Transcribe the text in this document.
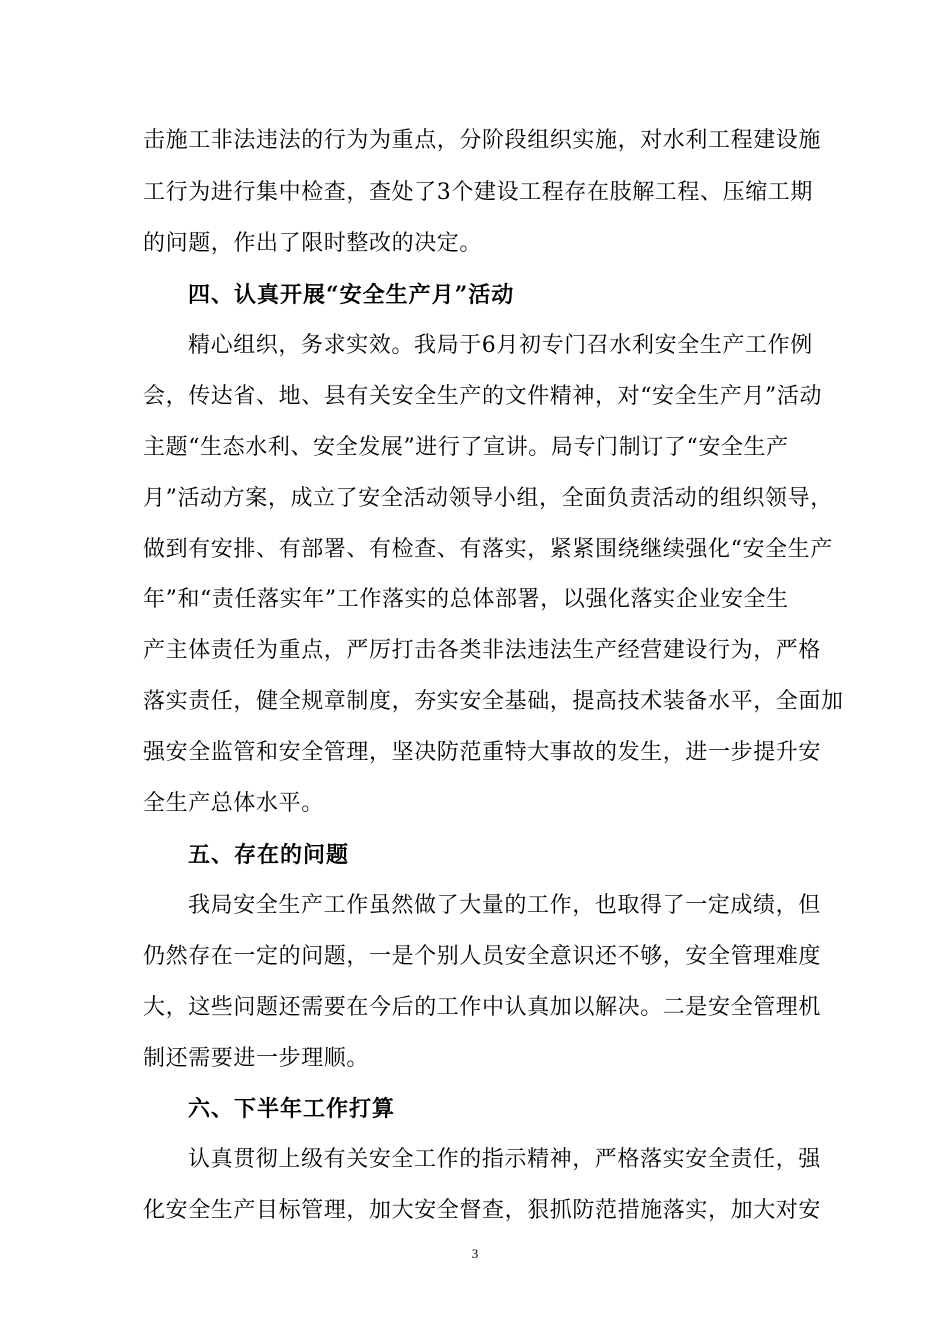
击施工非法违法的行为为重点，分阶段组织实施，对水利工程建设施
工行为进行集中检查，查处了3个建设工程存在肢解工程、压缩工期
的问题，作出了限时整改的决定。
四、认真开展“安全生产月”活动
精心组织，务求实效。我局于6月初专门召水利安全生产工作例
会，传达省、地、县有关安全生产的文件精神，对“安全生产月”活动
主题“生态水利、安全发展”进行了宣讲。局专门制订了“安全生产
月”活动方案，成立了安全活动领导小组，全面负责活动的组织领导，
做到有安排、有部署、有检查、有落实，紧紧围绕继续强化“安全生产
年”和“责任落实年”工作落实的总体部署，以强化落实企业安全生
产主体责任为重点，严厉打击各类非法违法生产经营建设行为，严格
落实责任，健全规章制度，夯实安全基础，提高技术装备水平，全面加
强安全监管和安全管理，坚决防范重特大事故的发生，进一步提升安
全生产总体水平。
五、存在的问题
我局安全生产工作虽然做了大量的工作，也取得了一定成绩，但
仍然存在一定的问题，一是个别人员安全意识还不够，安全管理难度
大，这些问题还需要在今后的工作中认真加以解决。二是安全管理机
制还需要进一步理顺。
六、下半年工作打算
认真贯彻上级有关安全工作的指示精神，严格落实安全责任，强
化安全生产目标管理，加大安全督查，狠抓防范措施落实，加大对安
3
